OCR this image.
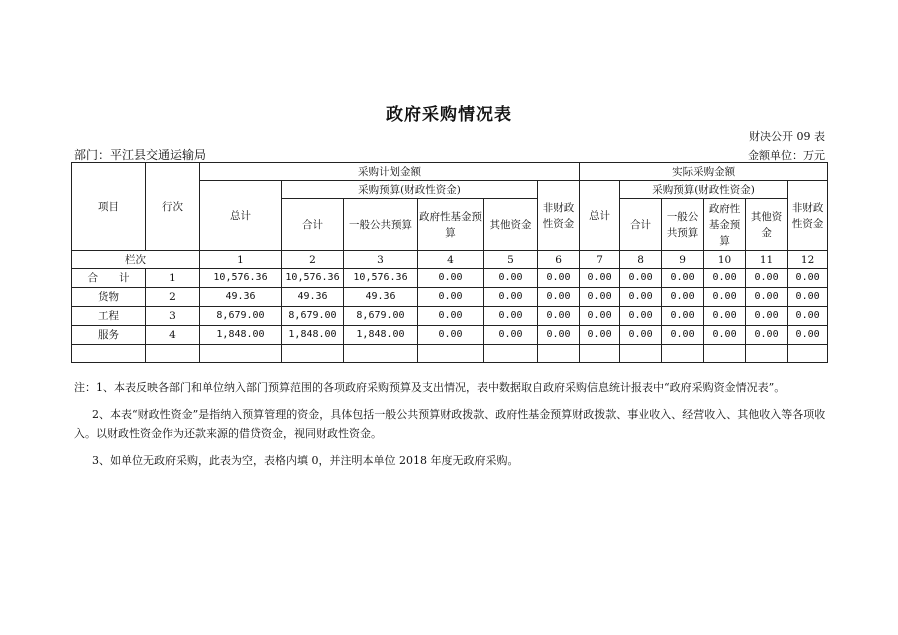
政府采购情况表
财决公开 09 表
部门：平江县交通运输局	金额单位：万元
项目	行次	采购计划金额						实际采购金额					
		总计	采购预算(财政性资金)				非财政性资金	总计	采购预算(财政性资金)				非财政性资金
			合计	一般公共预算	政府性基金预算	其他资金			合计	一般公共预算	政府性基金预算	其他资金	

栏次		1	2	3	4	5	6	7	8	9	10	11	12
合　　计	1	10,576.36	10,576.36	10,576.36	0.00	0.00	0.00	0.00	0.00	0.00	0.00	0.00	0.00
货物	2	49.36	49.36	49.36	0.00	0.00	0.00	0.00	0.00	0.00	0.00	0.00	0.00
工程	3	8,679.00	8,679.00	8,679.00	0.00	0.00	0.00	0.00	0.00	0.00	0.00	0.00	0.00
服务	4	1,848.00	1,848.00	1,848.00	0.00	0.00	0.00	0.00	0.00	0.00	0.00	0.00	0.00

注：1、本表反映各部门和单位纳入部门预算范围的各项政府采购预算及支出情况，表中数据取自政府采购信息统计报表中“政府采购资金情况表”。

2、本表“财政性资金”是指纳入预算管理的资金，具体包括一般公共预算财政拨款、政府性基金预算财政拨款、事业收入、经营收入、其他收入等各项收入。以财政性资金作为还款来源的借贷资金，视同财政性资金。

3、如单位无政府采购，此表为空，表格内填 0，并注明本单位 2018 年度无政府采购。
